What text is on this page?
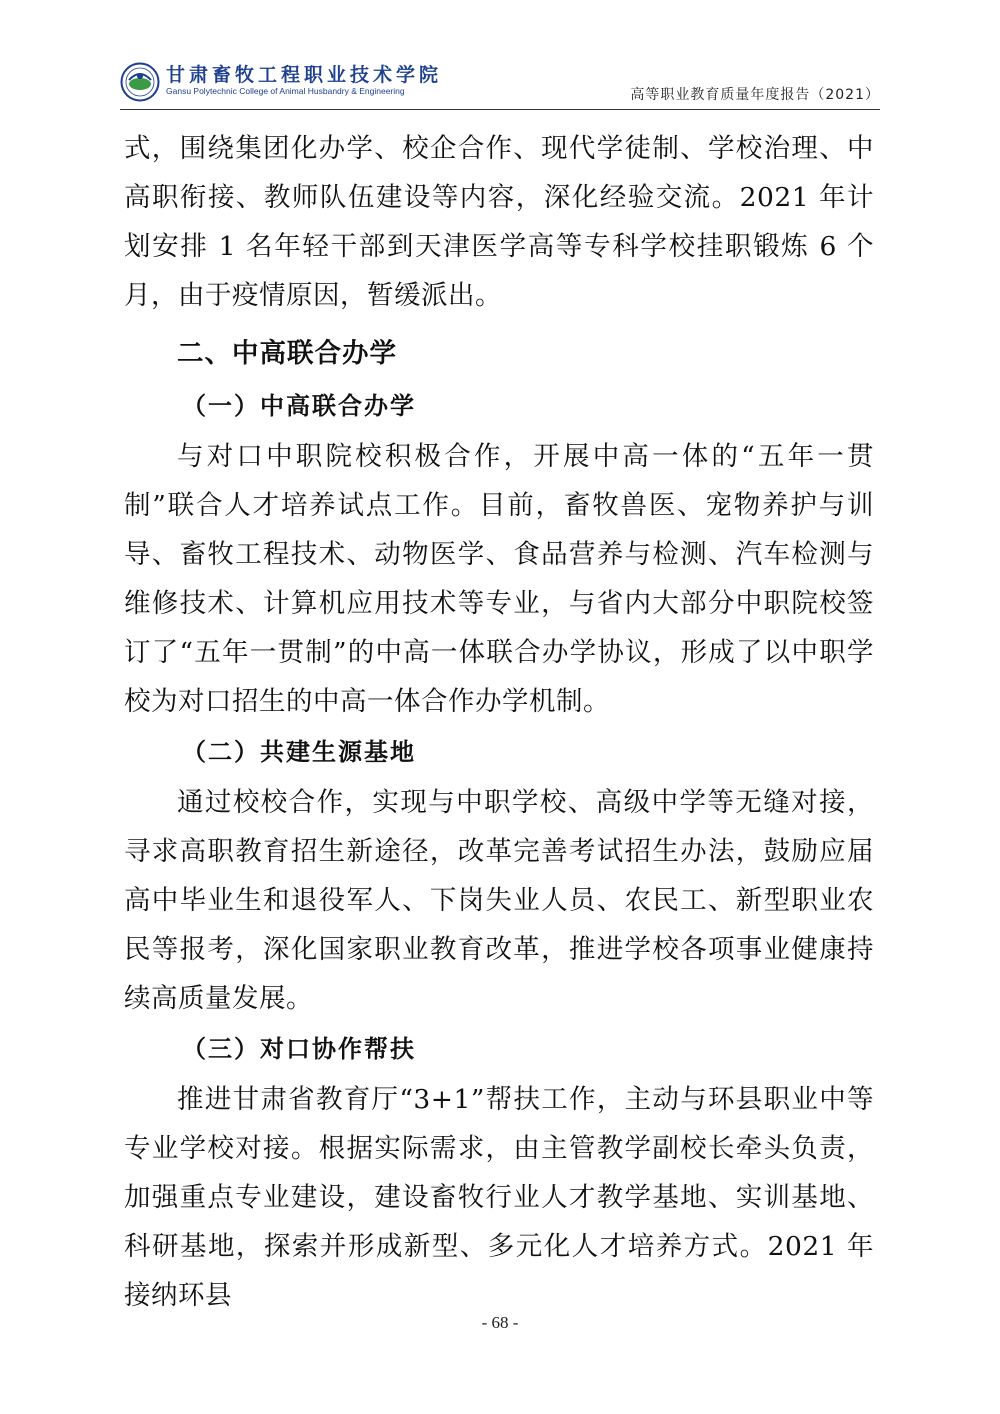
甘肃畜牧工程职业技术学院
Gansu Polytechnic College of Animal Husbandry & Engineering	高等职业教育质量年度报告（2021）

式，围绕集团化办学、校企合作、现代学徒制、学校治理、中高职衔接、教师队伍建设等内容，深化经验交流。2021 年计划安排 1 名年轻干部到天津医学高等专科学校挂职锻炼 6 个月，由于疫情原因，暂缓派出。

二、中高联合办学
（一）中高联合办学

与对口中职院校积极合作，开展中高一体的“五年一贯制”联合人才培养试点工作。目前，畜牧兽医、宠物养护与训导、畜牧工程技术、动物医学、食品营养与检测、汽车检测与维修技术、计算机应用技术等专业，与省内大部分中职院校签订了“五年一贯制”的中高一体联合办学协议，形成了以中职学校为对口招生的中高一体合作办学机制。

（二）共建生源基地

通过校校合作，实现与中职学校、高级中学等无缝对接，寻求高职教育招生新途径，改革完善考试招生办法，鼓励应届高中毕业生和退役军人、下岗失业人员、农民工、新型职业农民等报考，深化国家职业教育改革，推进学校各项事业健康持续高质量发展。

（三）对口协作帮扶

推进甘肃省教育厅“3+1”帮扶工作，主动与环县职业中等专业学校对接。根据实际需求，由主管教学副校长牵头负责，加强重点专业建设，建设畜牧行业人才教学基地、实训基地、科研基地，探索并形成新型、多元化人才培养方式。2021 年接纳环县

- 68 -
